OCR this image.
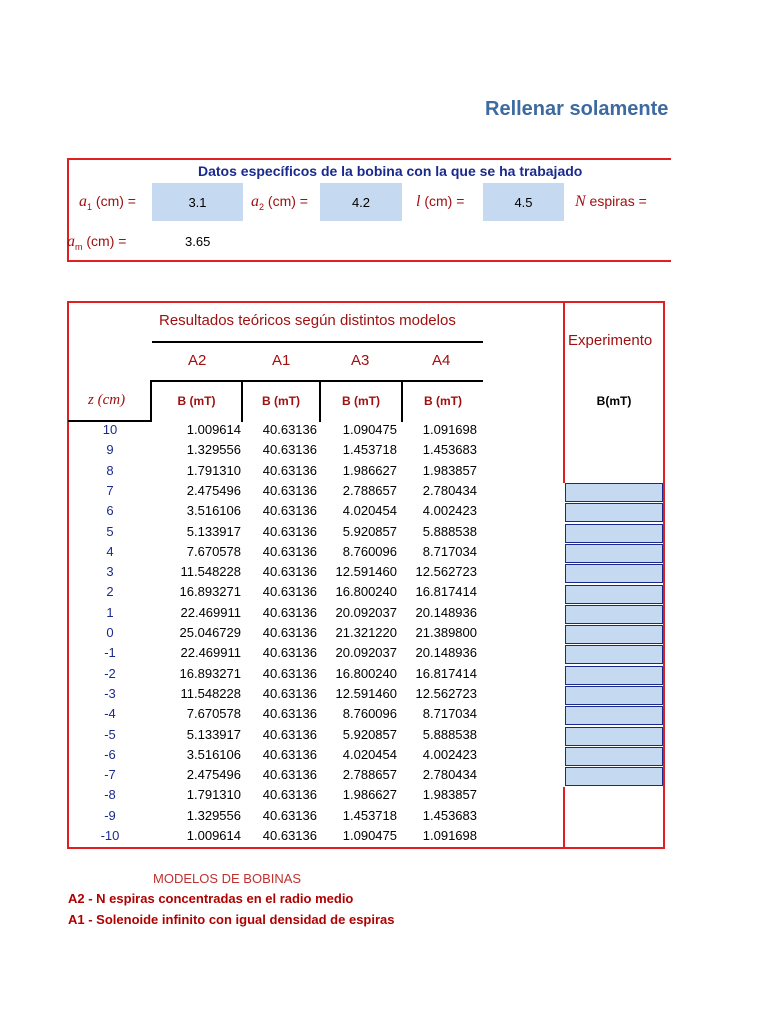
Rellenar solamente
Datos específicos de la bobina con la que se ha trabajado
$a_1$ (cm) =	3.1	$a_2$ (cm) =	4.2	l (cm) =	4.5	N espiras =
$a_m$ (cm) =	3.65
Resultados teóricos según distintos modelos
Experimento
A2	A1	A3	A4
z (cm)	B (mT)	B (mT)	B (mT)	B (mT)	B(mT)
10	1.009614	40.63136	1.090475	1.091698
9	1.329556	40.63136	1.453718	1.453683
8	1.791310	40.63136	1.986627	1.983857
7	2.475496	40.63136	2.788657	2.780434
6	3.516106	40.63136	4.020454	4.002423
5	5.133917	40.63136	5.920857	5.888538
4	7.670578	40.63136	8.760096	8.717034
3	11.548228	40.63136	12.591460	12.562723
2	16.893271	40.63136	16.800240	16.817414
1	22.469911	40.63136	20.092037	20.148936
0	25.046729	40.63136	21.321220	21.389800
-1	22.469911	40.63136	20.092037	20.148936
-2	16.893271	40.63136	16.800240	16.817414
-3	11.548228	40.63136	12.591460	12.562723
-4	7.670578	40.63136	8.760096	8.717034
-5	5.133917	40.63136	5.920857	5.888538
-6	3.516106	40.63136	4.020454	4.002423
-7	2.475496	40.63136	2.788657	2.780434
-8	1.791310	40.63136	1.986627	1.983857
-9	1.329556	40.63136	1.453718	1.453683
-10	1.009614	40.63136	1.090475	1.091698
MODELOS DE BOBINAS
A2 - N espiras concentradas en el radio medio
A1 - Solenoide infinito con igual densidad de espiras
